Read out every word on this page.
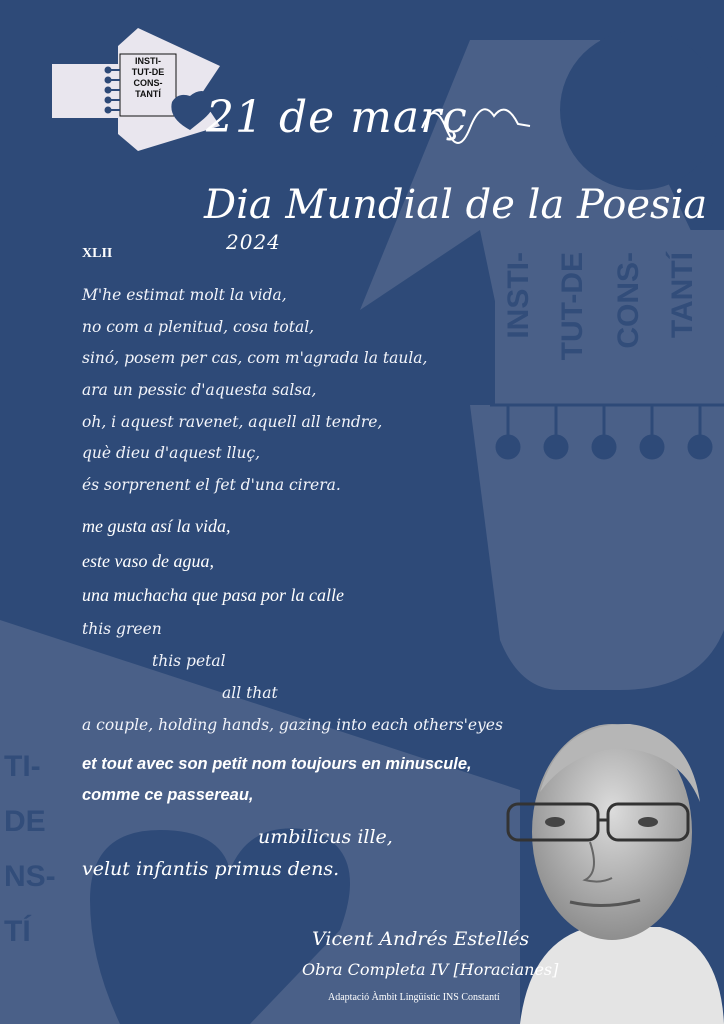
INSTI-
TUT-DE
CONS-
TANTÍ
INSTI- TUT-DE CONS- TANTÍ
TI-
DE
NS-
TÍ
21 de març
Dia Mundial de la Poesia
2024
XLII
M'he estimat molt la vida,
no com a plenitud, cosa total,
sinó, posem per cas, com m'agrada la taula,
ara un pessic d'aquesta salsa,
oh, i aquest ravenet, aquell all tendre,
què dieu d'aquest lluç,
és sorprenent el fet d'una cirera.
me gusta así la vida,
este vaso de agua,
una muchacha que pasa por la calle
this green
this petal
all that
a couple, holding hands, gazing into each others'eyes
et tout avec son petit nom toujours en minuscule,
comme ce passereau,
umbilicus ille,
velut infantis primus dens.
Vicent Andrés Estellés
Obra Completa IV [Horacianes]
Adaptació Àmbit Lingüístic INS Constantí
